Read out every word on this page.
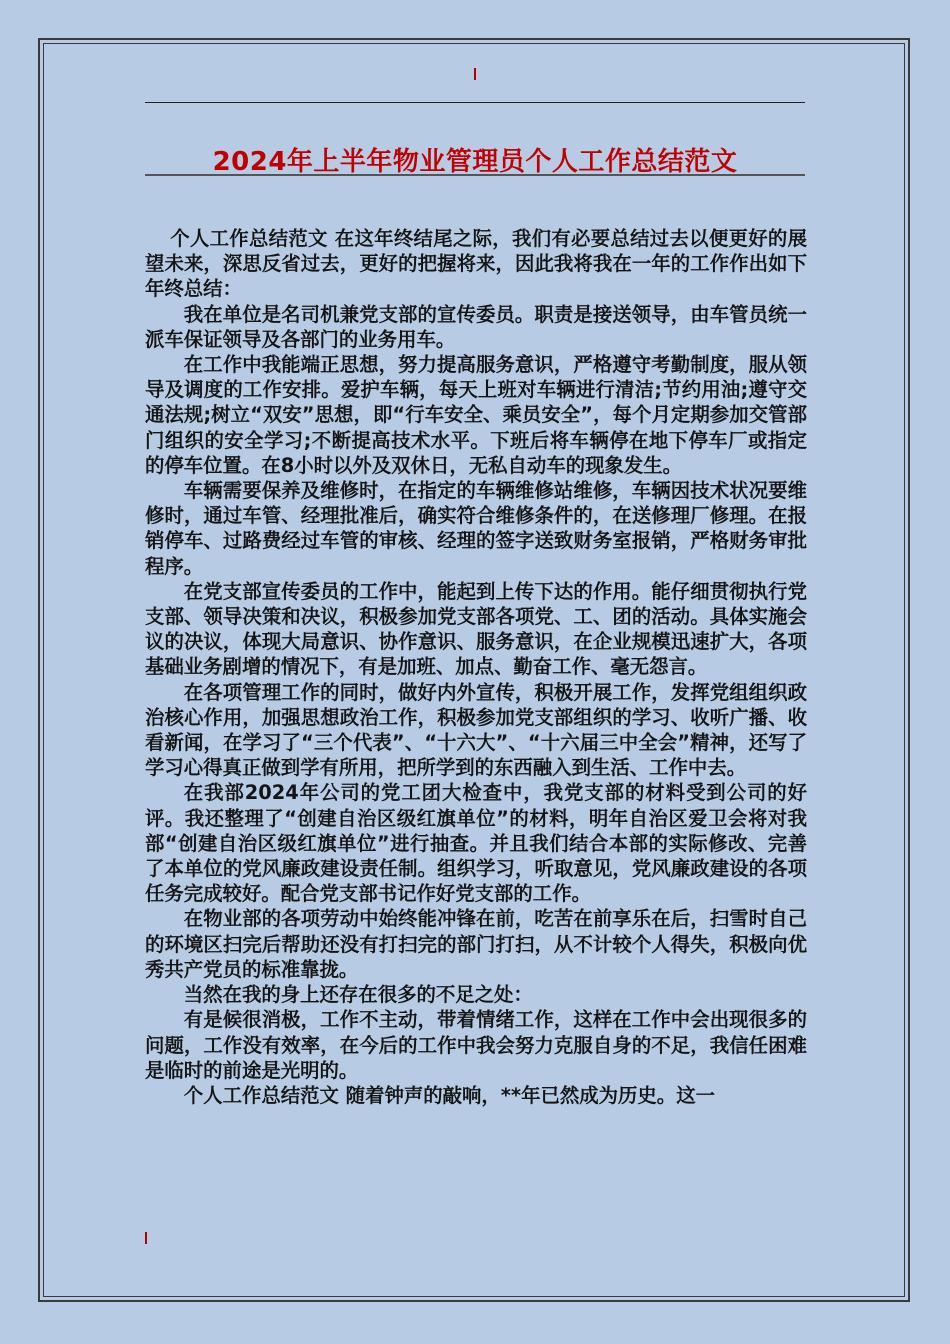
2024年上半年物业管理员个人工作总结范文

个人工作总结范文 在这年终结尾之际，我们有必要总结过去以便更好的展望未来，深思反省过去，更好的把握将来，因此我将我在一年的工作作出如下年终总结：

我在单位是名司机兼党支部的宣传委员。职责是接送领导，由车管员统一派车保证领导及各部门的业务用车。

在工作中我能端正思想，努力提高服务意识，严格遵守考勤制度，服从领导及调度的工作安排。爱护车辆，每天上班对车辆进行清洁;节约用油;遵守交通法规;树立“双安”思想，即“行车安全、乘员安全”，每个月定期参加交管部门组织的安全学习;不断提高技术水平。下班后将车辆停在地下停车厂或指定的停车位置。在8小时以外及双休日，无私自动车的现象发生。

车辆需要保养及维修时，在指定的车辆维修站维修，车辆因技术状况要维修时，通过车管、经理批准后，确实符合维修条件的，在送修理厂修理。在报销停车、过路费经过车管的审核、经理的签字送致财务室报销，严格财务审批程序。

在党支部宣传委员的工作中，能起到上传下达的作用。能仔细贯彻执行党支部、领导决策和决议，积极参加党支部各项党、工、团的活动。具体实施会议的决议，体现大局意识、协作意识、服务意识，在企业规模迅速扩大，各项基础业务剧增的情况下，有是加班、加点、勤奋工作、毫无怨言。

在各项管理工作的同时，做好内外宣传，积极开展工作，发挥党组组织政治核心作用，加强思想政治工作，积极参加党支部组织的学习、收听广播、收看新闻，在学习了“三个代表”、“十六大”、“十六届三中全会”精神，还写了学习心得真正做到学有所用，把所学到的东西融入到生活、工作中去。

在我部2024年公司的党工团大检查中，我党支部的材料受到公司的好评。我还整理了“创建自治区级红旗单位”的材料，明年自治区爱卫会将对我部“创建自治区级红旗单位”进行抽查。并且我们结合本部的实际修改、完善了本单位的党风廉政建设责任制。组织学习，听取意见，党风廉政建设的各项任务完成较好。配合党支部书记作好党支部的工作。

在物业部的各项劳动中始终能冲锋在前，吃苦在前享乐在后，扫雪时自己的环境区扫完后帮助还没有打扫完的部门打扫，从不计较个人得失，积极向优秀共产党员的标准靠拢。

当然在我的身上还存在很多的不足之处：

有是候很消极，工作不主动，带着情绪工作，这样在工作中会出现很多的问题，工作没有效率，在今后的工作中我会努力克服自身的不足，我信任困难是临时的前途是光明的。

个人工作总结范文 随着钟声的敲响，**年已然成为历史。这一
